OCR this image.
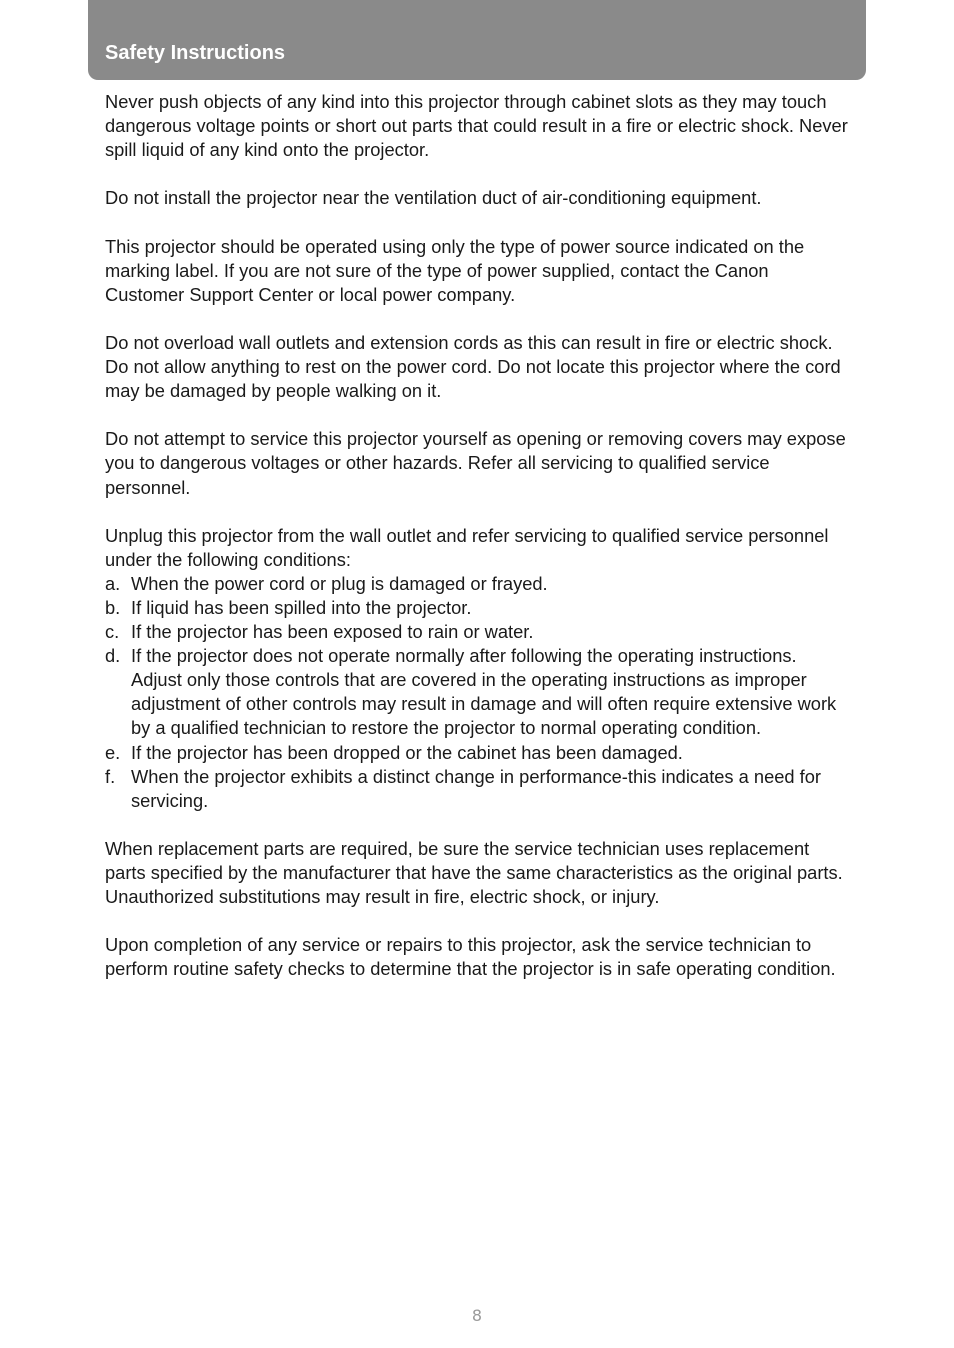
Safety Instructions

Never push objects of any kind into this projector through cabinet slots as they may touch dangerous voltage points or short out parts that could result in a fire or electric shock. Never spill liquid of any kind onto the projector.

Do not install the projector near the ventilation duct of air-conditioning equipment.

This projector should be operated using only the type of power source indicated on the marking label. If you are not sure of the type of power supplied, contact the Canon Customer Support Center or local power company.

Do not overload wall outlets and extension cords as this can result in fire or electric shock. Do not allow anything to rest on the power cord. Do not locate this projector where the cord may be damaged by people walking on it.

Do not attempt to service this projector yourself as opening or removing covers may expose you to dangerous voltages or other hazards. Refer all servicing to qualified service personnel.

Unplug this projector from the wall outlet and refer servicing to qualified service personnel under the following conditions:

a. When the power cord or plug is damaged or frayed.
b. If liquid has been spilled into the projector.
c. If the projector has been exposed to rain or water.
d. If the projector does not operate normally after following the operating instructions. Adjust only those controls that are covered in the operating instructions as improper adjustment of other controls may result in damage and will often require extensive work by a qualified technician to restore the projector to normal operating condition.
e. If the projector has been dropped or the cabinet has been damaged.
f. When the projector exhibits a distinct change in performance-this indicates a need for servicing.

When replacement parts are required, be sure the service technician uses replacement parts specified by the manufacturer that have the same characteristics as the original parts. Unauthorized substitutions may result in fire, electric shock, or injury.

Upon completion of any service or repairs to this projector, ask the service technician to perform routine safety checks to determine that the projector is in safe operating condition.

8
